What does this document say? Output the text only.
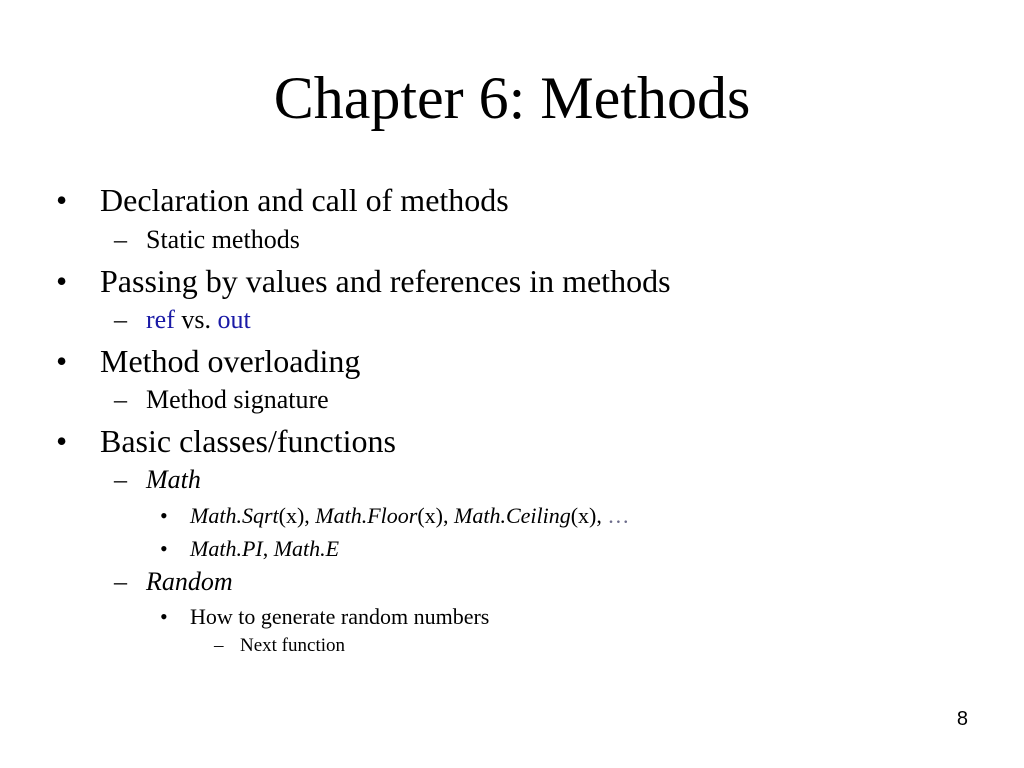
Chapter 6: Methods
• Declaration and call of methods
– Static methods
• Passing by values and references in methods
– ref vs. out
• Method overloading
– Method signature
• Basic classes/functions
– Math
• Math.Sqrt(x), Math.Floor(x), Math.Ceiling(x), …
• Math.PI, Math.E
– Random
• How to generate random numbers
– Next function
8
